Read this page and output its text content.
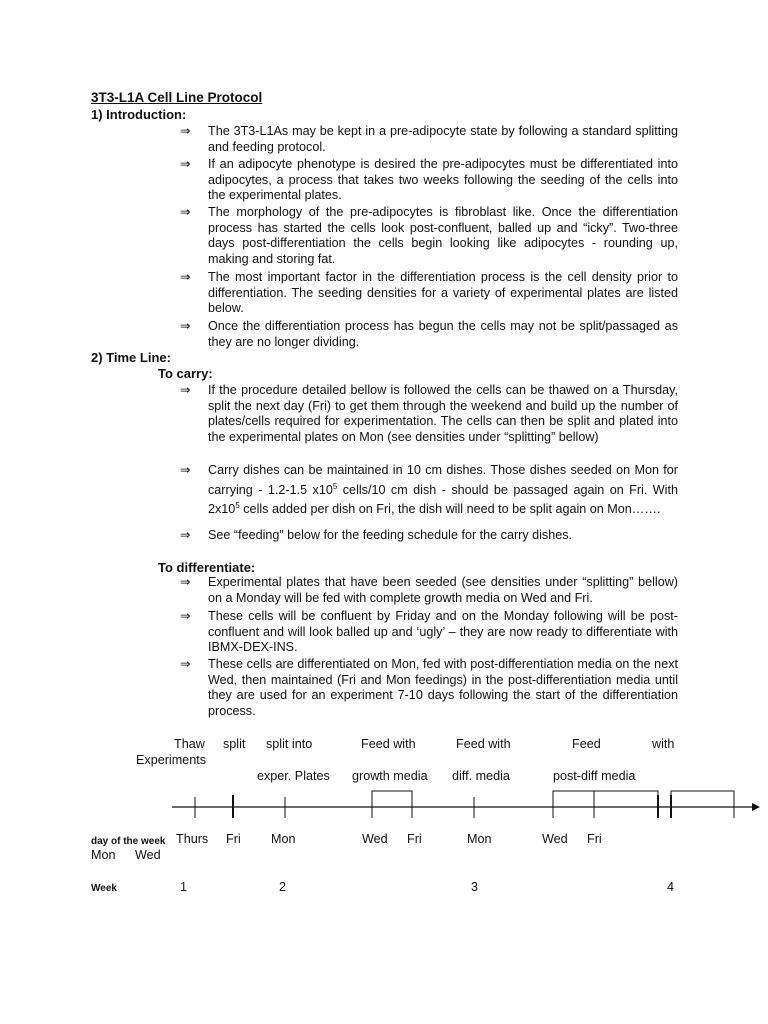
3T3-L1A Cell Line Protocol
1) Introduction:
⇒	The 3T3-L1As may be kept in a pre-adipocyte state by following a standard splitting and feeding protocol.
⇒	If an adipocyte phenotype is desired the pre-adipocytes must be differentiated into adipocytes, a process that takes two weeks following the seeding of the cells into the experimental plates.
⇒	The morphology of the pre-adipocytes is fibroblast like. Once the differentiation process has started the cells look post-confluent, balled up and “icky”. Two-three days post-differentiation the cells begin looking like adipocytes - rounding up, making and storing fat.
⇒	The most important factor in the differentiation process is the cell density prior to differentiation. The seeding densities for a variety of experimental plates are listed below.
⇒	Once the differentiation process has begun the cells may not be split/passaged as they are no longer dividing.
2) Time Line:
To carry:
⇒	If the procedure detailed bellow is followed the cells can be thawed on a Thursday, split the next day (Fri) to get them through the weekend and build up the number of plates/cells required for experimentation. The cells can then be split and plated into the experimental plates on Mon (see densities under “splitting” bellow)
⇒	Carry dishes can be maintained in 10 cm dishes. Those dishes seeded on Mon for carrying - 1.2-1.5 $x10^5$ cells/10 cm dish - should be passaged again on Fri. With $2x10^5$ cells added per dish on Fri, the dish will need to be split again on Mon…….
⇒	See “feeding” below for the feeding schedule for the carry dishes.
To differentiate:
⇒	Experimental plates that have been seeded (see densities under “splitting” bellow) on a Monday will be fed with complete growth media on Wed and Fri.
⇒	These cells will be confluent by Friday and on the Monday following will be post-confluent and will look balled up and ‘ugly’ – they are now ready to differentiate with IBMX-DEX-INS.
⇒	These cells are differentiated on Mon, fed with post-differentiation media on the next Wed, then maintained (Fri and Mon feedings) in the post-differentiation media until they are used for an experiment 7-10 days following the start of the differentiation process.
Thaw split split into	Feed with	Feed with	Feed	with
Experiments
exper. Plates growth media diff. media	post-diff media
day of the week Thurs Fri Mon	Wed Fri	Mon	Wed Fri
Mon Wed
Week	1	2	3	4
